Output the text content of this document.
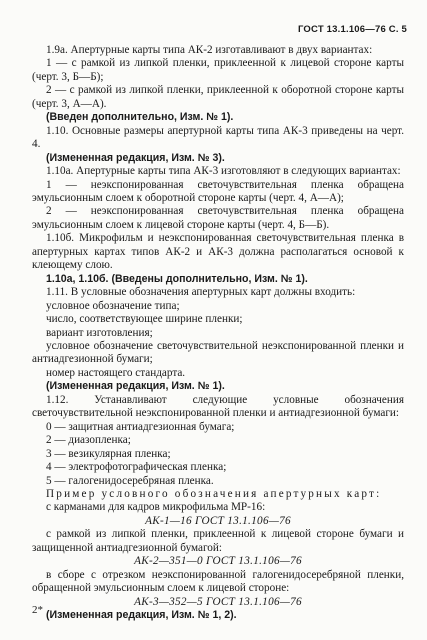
ГОСТ 13.1.106—76 С. 5

1.9а. Апертурные карты типа АК-2 изготавливают в двух вариантах:

1 — с рамкой из липкой пленки, приклеенной к лицевой стороне карты (черт. 3, Б—Б);

2 — с рамкой из липкой пленки, приклеенной к оборотной стороне карты (черт. 3, А—А).

(Введен дополнительно, Изм. № 1).

1.10. Основные размеры апертурной карты типа АК-3 приведены на черт. 4.

(Измененная редакция, Изм. № 3).

1.10а. Апертурные карты типа АК-3 изготовляют в следующих вариантах:

1 — неэкспонированная светочувствительная пленка обращена эмульсионным слоем к оборотной стороне карты (черт. 4, А—А);

2 — неэкспонированная светочувствительная пленка обращена эмульсионным слоем к лицевой стороне карты (черт. 4, Б—Б).

1.10б. Микрофильм и неэкспонированная светочувствительная пленка в апертурных картах типов АК-2 и АК-3 должна располагаться основой к клеющему слою.

1.10а, 1.10б. (Введены дополнительно, Изм. № 1).

1.11. В условные обозначения апертурных карт должны входить:

условное обозначение типа;

число, соответствующее ширине пленки;

вариант изготовления;

условное обозначение светочувствительной неэкспонированной пленки и антиадгезионной бумаги;

номер настоящего стандарта.

(Измененная редакция, Изм. № 1).

1.12. Устанавливают следующие условные обозначения светочувствительной неэкспонированной пленки и антиадгезионной бумаги:

0 — защитная антиадгезионная бумага;

2 — диазопленка;

3 — везикулярная пленка;

4 — электрофотографическая пленка;

5 — галогенидосеребряная пленка.

Пример условного обозначения апертурных карт:

с карманами для кадров микрофильма МР-16:

АК-1—16 ГОСТ 13.1.106—76

с рамкой из липкой пленки, приклеенной к лицевой стороне бумаги и защищенной антиадгезионной бумагой:

АК-2—351—0 ГОСТ 13.1.106—76

в сборе с отрезком неэкспонированной галогенидосеребряной пленки, обращенной эмульсионным слоем к лицевой стороне:

АК-3—352—5 ГОСТ 13.1.106—76

(Измененная редакция, Изм. № 1, 2).

2*
